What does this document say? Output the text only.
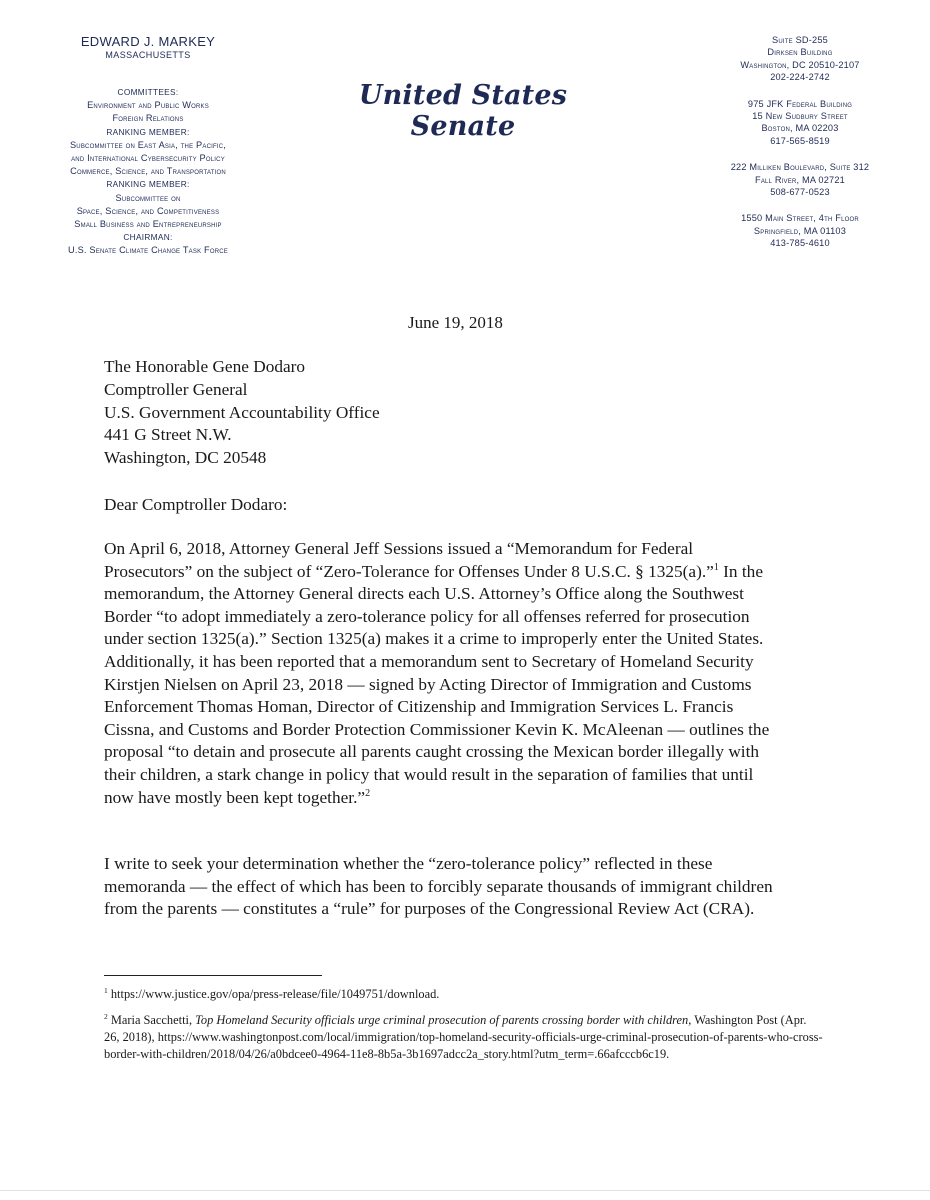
EDWARD J. MARKEY
MASSACHUSETTS
COMMITTEES:
Environment and Public Works
Foreign Relations
RANKING MEMBER:
Subcommittee on East Asia, the Pacific,
and International Cybersecurity Policy
Commerce, Science, and Transportation
RANKING MEMBER:
Subcommittee on
Space, Science, and Competitiveness
Small Business and Entrepreneurship
CHAIRMAN:
U.S. Senate Climate Change Task Force
United States Senate
Suite SD-255
Dirksen Building
Washington, DC 20510-2107
202-224-2742
975 JFK Federal Building
15 New Sudbury Street
Boston, MA 02203
617-565-8519
222 Milliken Boulevard, Suite 312
Fall River, MA 02721
508-677-0523
1550 Main Street, 4th Floor
Springfield, MA 01103
413-785-4610
June 19, 2018
The Honorable Gene Dodaro
Comptroller General
U.S. Government Accountability Office
441 G Street N.W.
Washington, DC 20548
Dear Comptroller Dodaro:
On April 6, 2018, Attorney General Jeff Sessions issued a “Memorandum for Federal
Prosecutors” on the subject of “Zero-Tolerance for Offenses Under 8 U.S.C. § 1325(a).”$^1$ In the
memorandum, the Attorney General directs each U.S. Attorney’s Office along the Southwest
Border “to adopt immediately a zero-tolerance policy for all offenses referred for prosecution
under section 1325(a).” Section 1325(a) makes it a crime to improperly enter the United States.
Additionally, it has been reported that a memorandum sent to Secretary of Homeland Security
Kirstjen Nielsen on April 23, 2018 — signed by Acting Director of Immigration and Customs
Enforcement Thomas Homan, Director of Citizenship and Immigration Services L. Francis
Cissna, and Customs and Border Protection Commissioner Kevin K. McAleenan — outlines the
proposal “to detain and prosecute all parents caught crossing the Mexican border illegally with
their children, a stark change in policy that would result in the separation of families that until
now have mostly been kept together.”$^2$
I write to seek your determination whether the “zero-tolerance policy” reflected in these
memoranda — the effect of which has been to forcibly separate thousands of immigrant children
from the parents — constitutes a “rule” for purposes of the Congressional Review Act (CRA).
$^1$ https://www.justice.gov/opa/press-release/file/1049751/download.
$^2$ Maria Sacchetti, Top Homeland Security officials urge criminal prosecution of parents crossing border with children, Washington Post (Apr. 26, 2018), https://www.washingtonpost.com/local/immigration/top-homeland-security-officials-urge-criminal-prosecution-of-parents-who-cross-border-with-children/2018/04/26/a0bdcee0-4964-11e8-8b5a-3b1697adcc2a_story.html?utm_term=.66afcccb6c19.
